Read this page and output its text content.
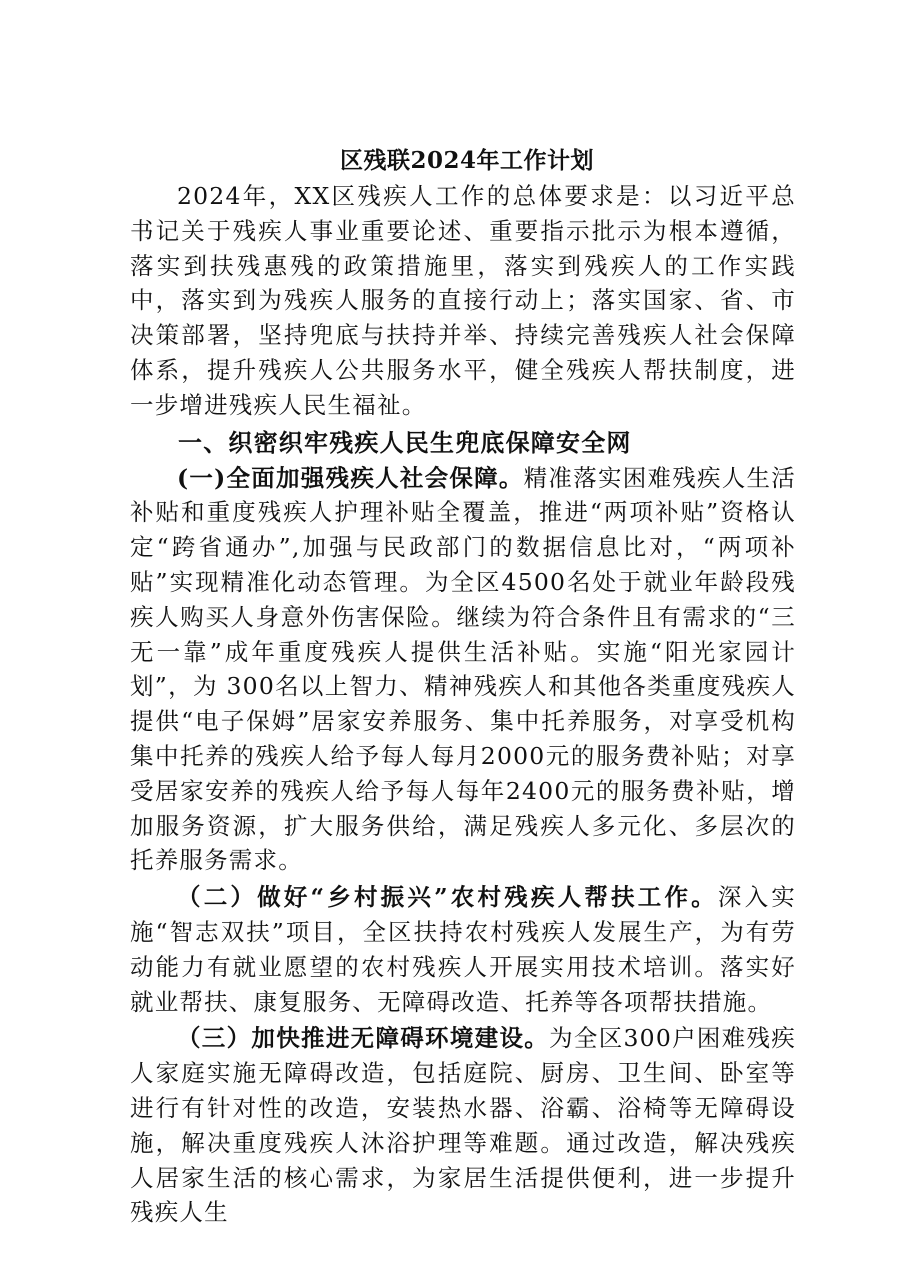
区残联2024年工作计划

2024年，XX区残疾人工作的总体要求是：以习近平总书记关于残疾人事业重要论述、重要指示批示为根本遵循，落实到扶残惠残的政策措施里，落实到残疾人的工作实践中，落实到为残疾人服务的直接行动上；落实国家、省、市决策部署，坚持兜底与扶持并举、持续完善残疾人社会保障体系，提升残疾人公共服务水平，健全残疾人帮扶制度，进一步增进残疾人民生福祉。

一、织密织牢残疾人民生兜底保障安全网

(一)全面加强残疾人社会保障。精准落实困难残疾人生活补贴和重度残疾人护理补贴全覆盖，推进“两项补贴”资格认定“跨省通办”,加强与民政部门的数据信息比对，“两项补贴”实现精准化动态管理。为全区4500名处于就业年龄段残疾人购买人身意外伤害保险。继续为符合条件且有需求的“三无一靠”成年重度残疾人提供生活补贴。实施“阳光家园计划”，为 300名以上智力、精神残疾人和其他各类重度残疾人提供“电子保姆”居家安养服务、集中托养服务，对享受机构集中托养的残疾人给予每人每月2000元的服务费补贴；对享受居家安养的残疾人给予每人每年2400元的服务费补贴，增加服务资源，扩大服务供给，满足残疾人多元化、多层次的托养服务需求。

（二）做好“乡村振兴”农村残疾人帮扶工作。深入实施“智志双扶”项目，全区扶持农村残疾人发展生产，为有劳动能力有就业愿望的农村残疾人开展实用技术培训。落实好就业帮扶、康复服务、无障碍改造、托养等各项帮扶措施。

（三）加快推进无障碍环境建设。为全区300户困难残疾人家庭实施无障碍改造，包括庭院、厨房、卫生间、卧室等进行有针对性的改造，安装热水器、浴霸、浴椅等无障碍设施，解决重度残疾人沐浴护理等难题。通过改造，解决残疾人居家生活的核心需求，为家居生活提供便利，进一步提升残疾人生
